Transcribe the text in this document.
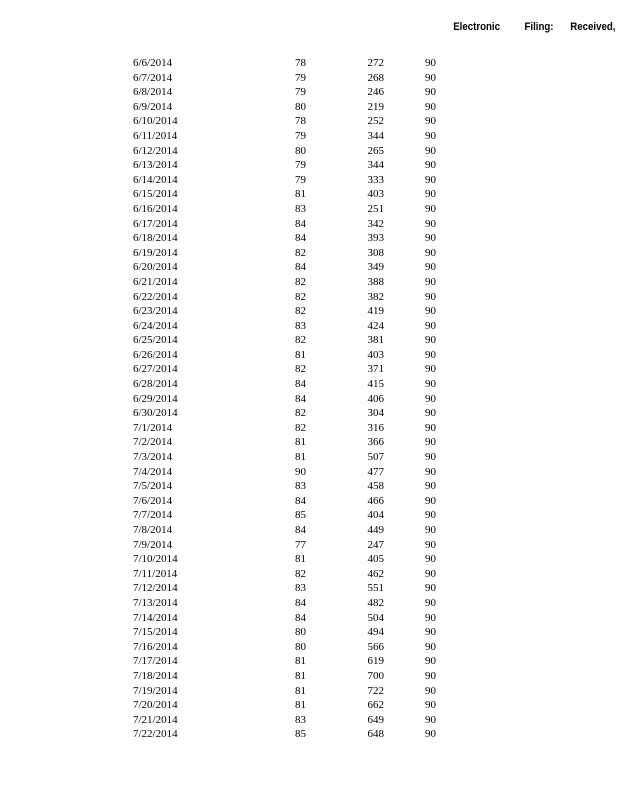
Electronic Filing: Received,
6/6/2014	78	272	90
6/7/2014	79	268	90
6/8/2014	79	246	90
6/9/2014	80	219	90
6/10/2014	78	252	90
6/11/2014	79	344	90
6/12/2014	80	265	90
6/13/2014	79	344	90
6/14/2014	79	333	90
6/15/2014	81	403	90
6/16/2014	83	251	90
6/17/2014	84	342	90
6/18/2014	84	393	90
6/19/2014	82	308	90
6/20/2014	84	349	90
6/21/2014	82	388	90
6/22/2014	82	382	90
6/23/2014	82	419	90
6/24/2014	83	424	90
6/25/2014	82	381	90
6/26/2014	81	403	90
6/27/2014	82	371	90
6/28/2014	84	415	90
6/29/2014	84	406	90
6/30/2014	82	304	90
7/1/2014	82	316	90
7/2/2014	81	366	90
7/3/2014	81	507	90
7/4/2014	90	477	90
7/5/2014	83	458	90
7/6/2014	84	466	90
7/7/2014	85	404	90
7/8/2014	84	449	90
7/9/2014	77	247	90
7/10/2014	81	405	90
7/11/2014	82	462	90
7/12/2014	83	551	90
7/13/2014	84	482	90
7/14/2014	84	504	90
7/15/2014	80	494	90
7/16/2014	80	566	90
7/17/2014	81	619	90
7/18/2014	81	700	90
7/19/2014	81	722	90
7/20/2014	81	662	90
7/21/2014	83	649	90
7/22/2014	85	648	90
